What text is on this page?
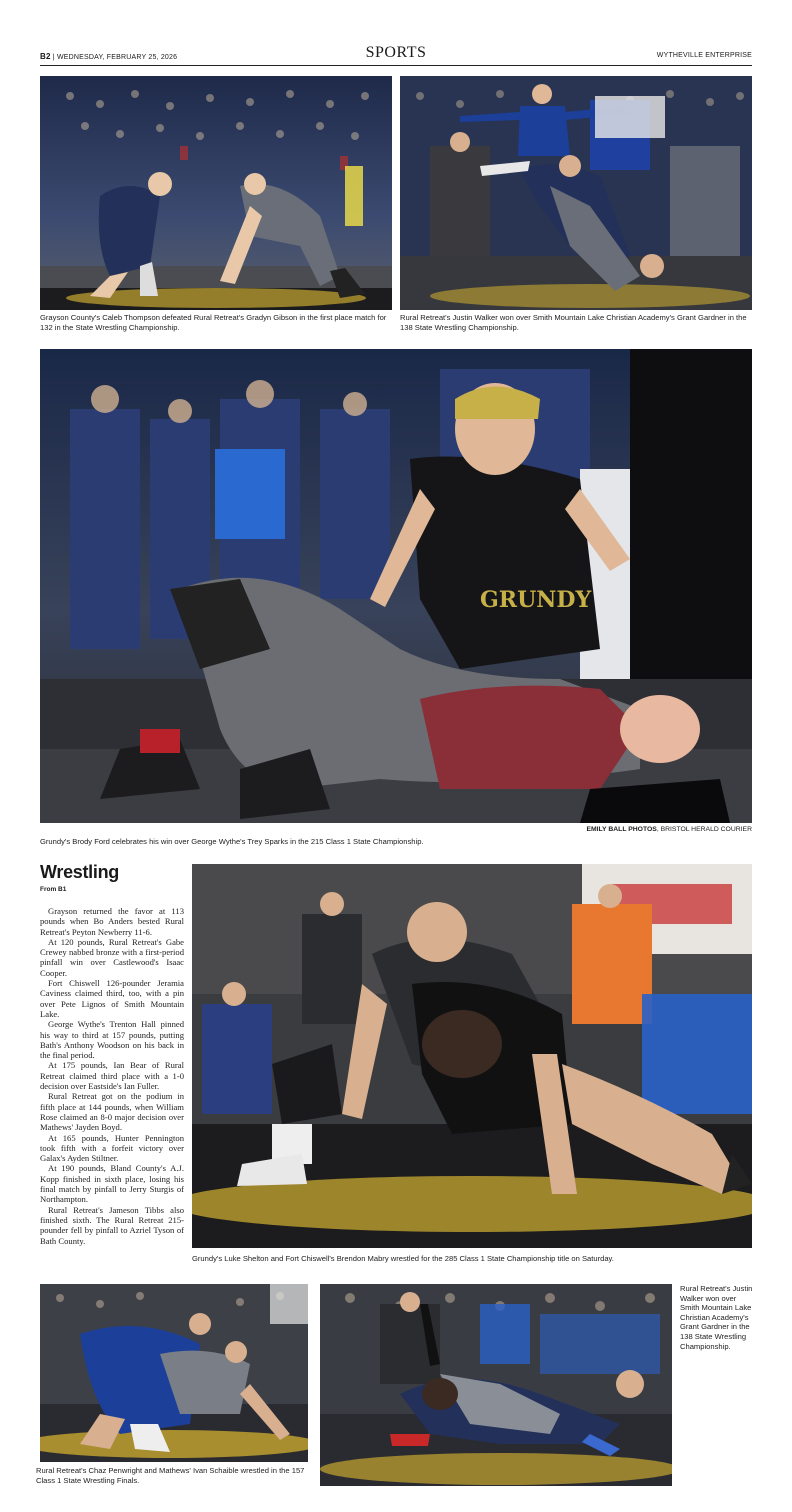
B2 | WEDNESDAY, FEBRUARY 25, 2026	SPORTS	WYTHEVILLE ENTERPRISE
Grayson County's Caleb Thompson defeated Rural Retreat's Gradyn Gibson in the first place match for 132 in the State Wrestling Championship.
Rural Retreat's Justin Walker won over Smith Mountain Lake Christian Academy's Grant Gardner in the 138 State Wrestling Championship.
GRUNDY
EMILY BALL PHOTOS, BRISTOL HERALD COURIER
Grundy's Brody Ford celebrates his win over George Wythe's Trey Sparks in the 215 Class 1 State Championship.
Wrestling
From B1

Grayson returned the favor at 113 pounds when Bo Anders bested Rural Retreat's Peyton Newberry 11-6.

At 120 pounds, Rural Retreat's Gabe Crewey nabbed bronze with a first-period pinfall win over Castlewood's Isaac Cooper.

Fort Chiswell 126-pounder Jeramia Caviness claimed third, too, with a pin over Pete Lignos of Smith Mountain Lake.

George Wythe's Trenton Hall pinned his way to third at 157 pounds, putting Bath's Anthony Woodson on his back in the final period.

At 175 pounds, Ian Bear of Rural Retreat claimed third place with a 1-0 decision over Eastside's Ian Fuller.

Rural Retreat got on the podium in fifth place at 144 pounds, when William Rose claimed an 8-0 major decision over Mathews' Jayden Boyd.

At 165 pounds, Hunter Pennington took fifth with a forfeit victory over Galax's Ayden Stiltner.

At 190 pounds, Bland County's A.J. Kopp finished in sixth place, losing his final match by pinfall to Jerry Sturgis of Northampton.

Rural Retreat's Jameson Tibbs also finished sixth. The Rural Retreat 215-pounder fell by pinfall to Azriel Tyson of Bath County.

Grundy's Luke Shelton and Fort Chiswell's Brendon Mabry wrestled for the 285 Class 1 State Championship title on Saturday.
Rural Retreat's Chaz Penwright and Mathews' Ivan Schaible wrestled in the 157 Class 1 State Wrestling Finals.
Rural Retreat's Justin Walker won over Smith Mountain Lake Christian Academy's Grant Gardner in the 138 State Wrestling Championship.
